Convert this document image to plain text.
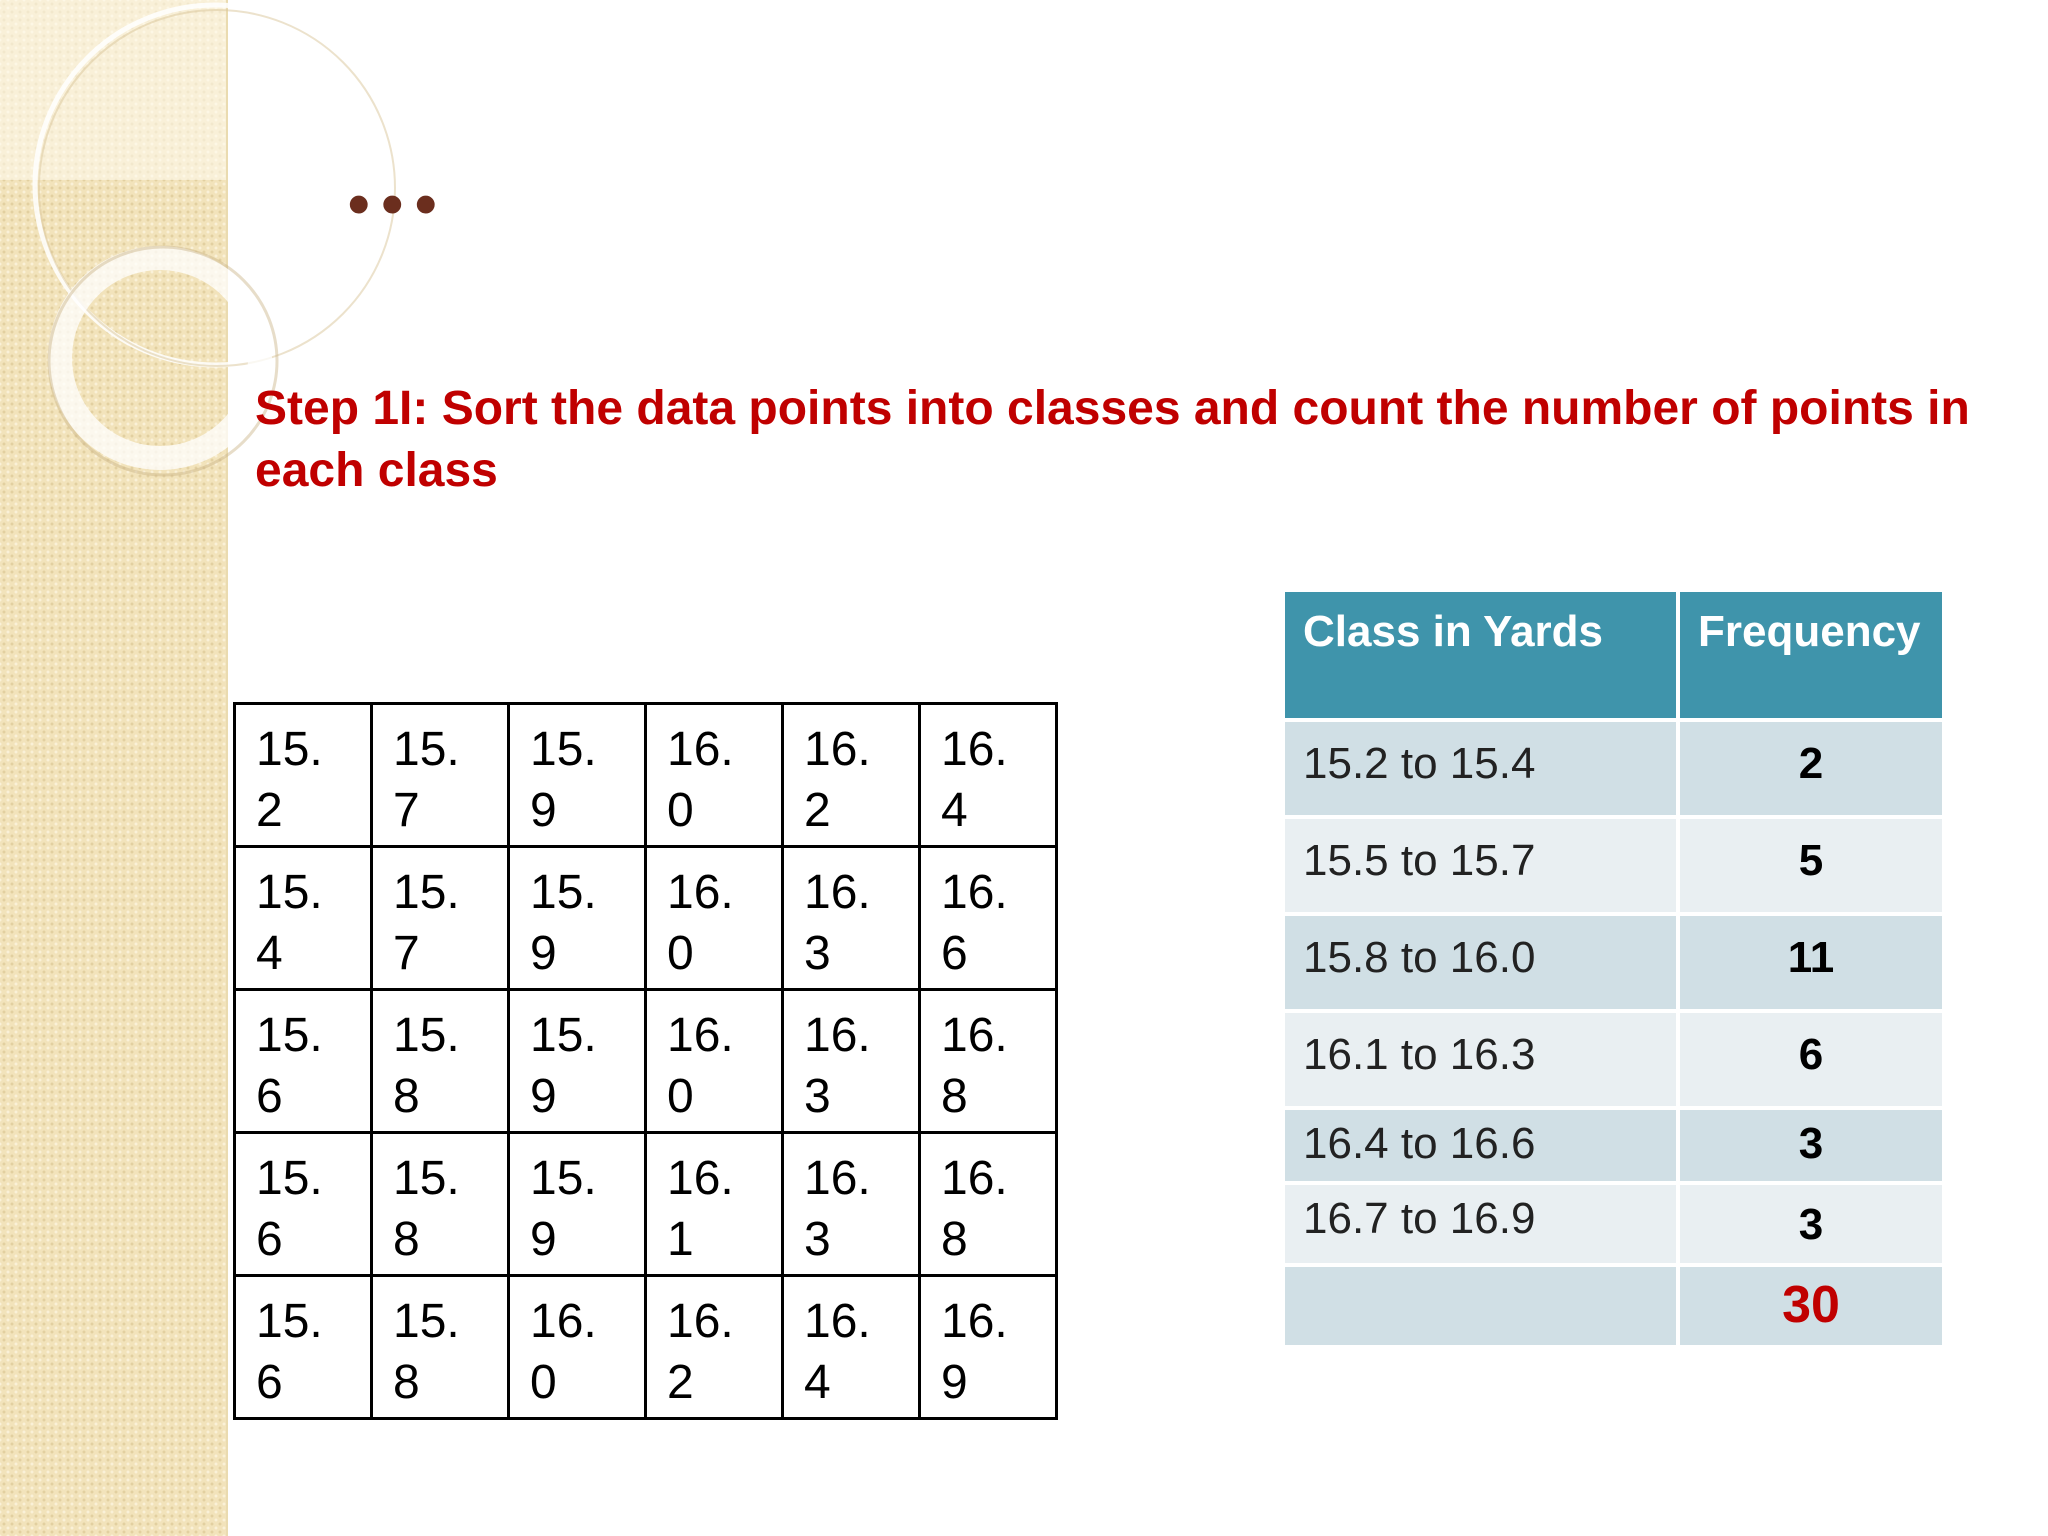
...
Step 1I: Sort the data points into classes and count the number of points in each class
15.2	15.7	15.9	16.0	16.2	16.4

15.4	15.7	15.9	16.0	16.3	16.6

15.6	15.8	15.9	16.0	16.3	16.8

15.6	15.8	15.9	16.1	16.3	16.8

15.6	15.8	16.0	16.2	16.4	16.9
Class in Yards	Frequency
15.2 to 15.4	2
15.5 to 15.7	5
15.8 to 16.0	11
16.1 to 16.3	6
16.4 to 16.6	3
16.7 to 16.9	3
	30
